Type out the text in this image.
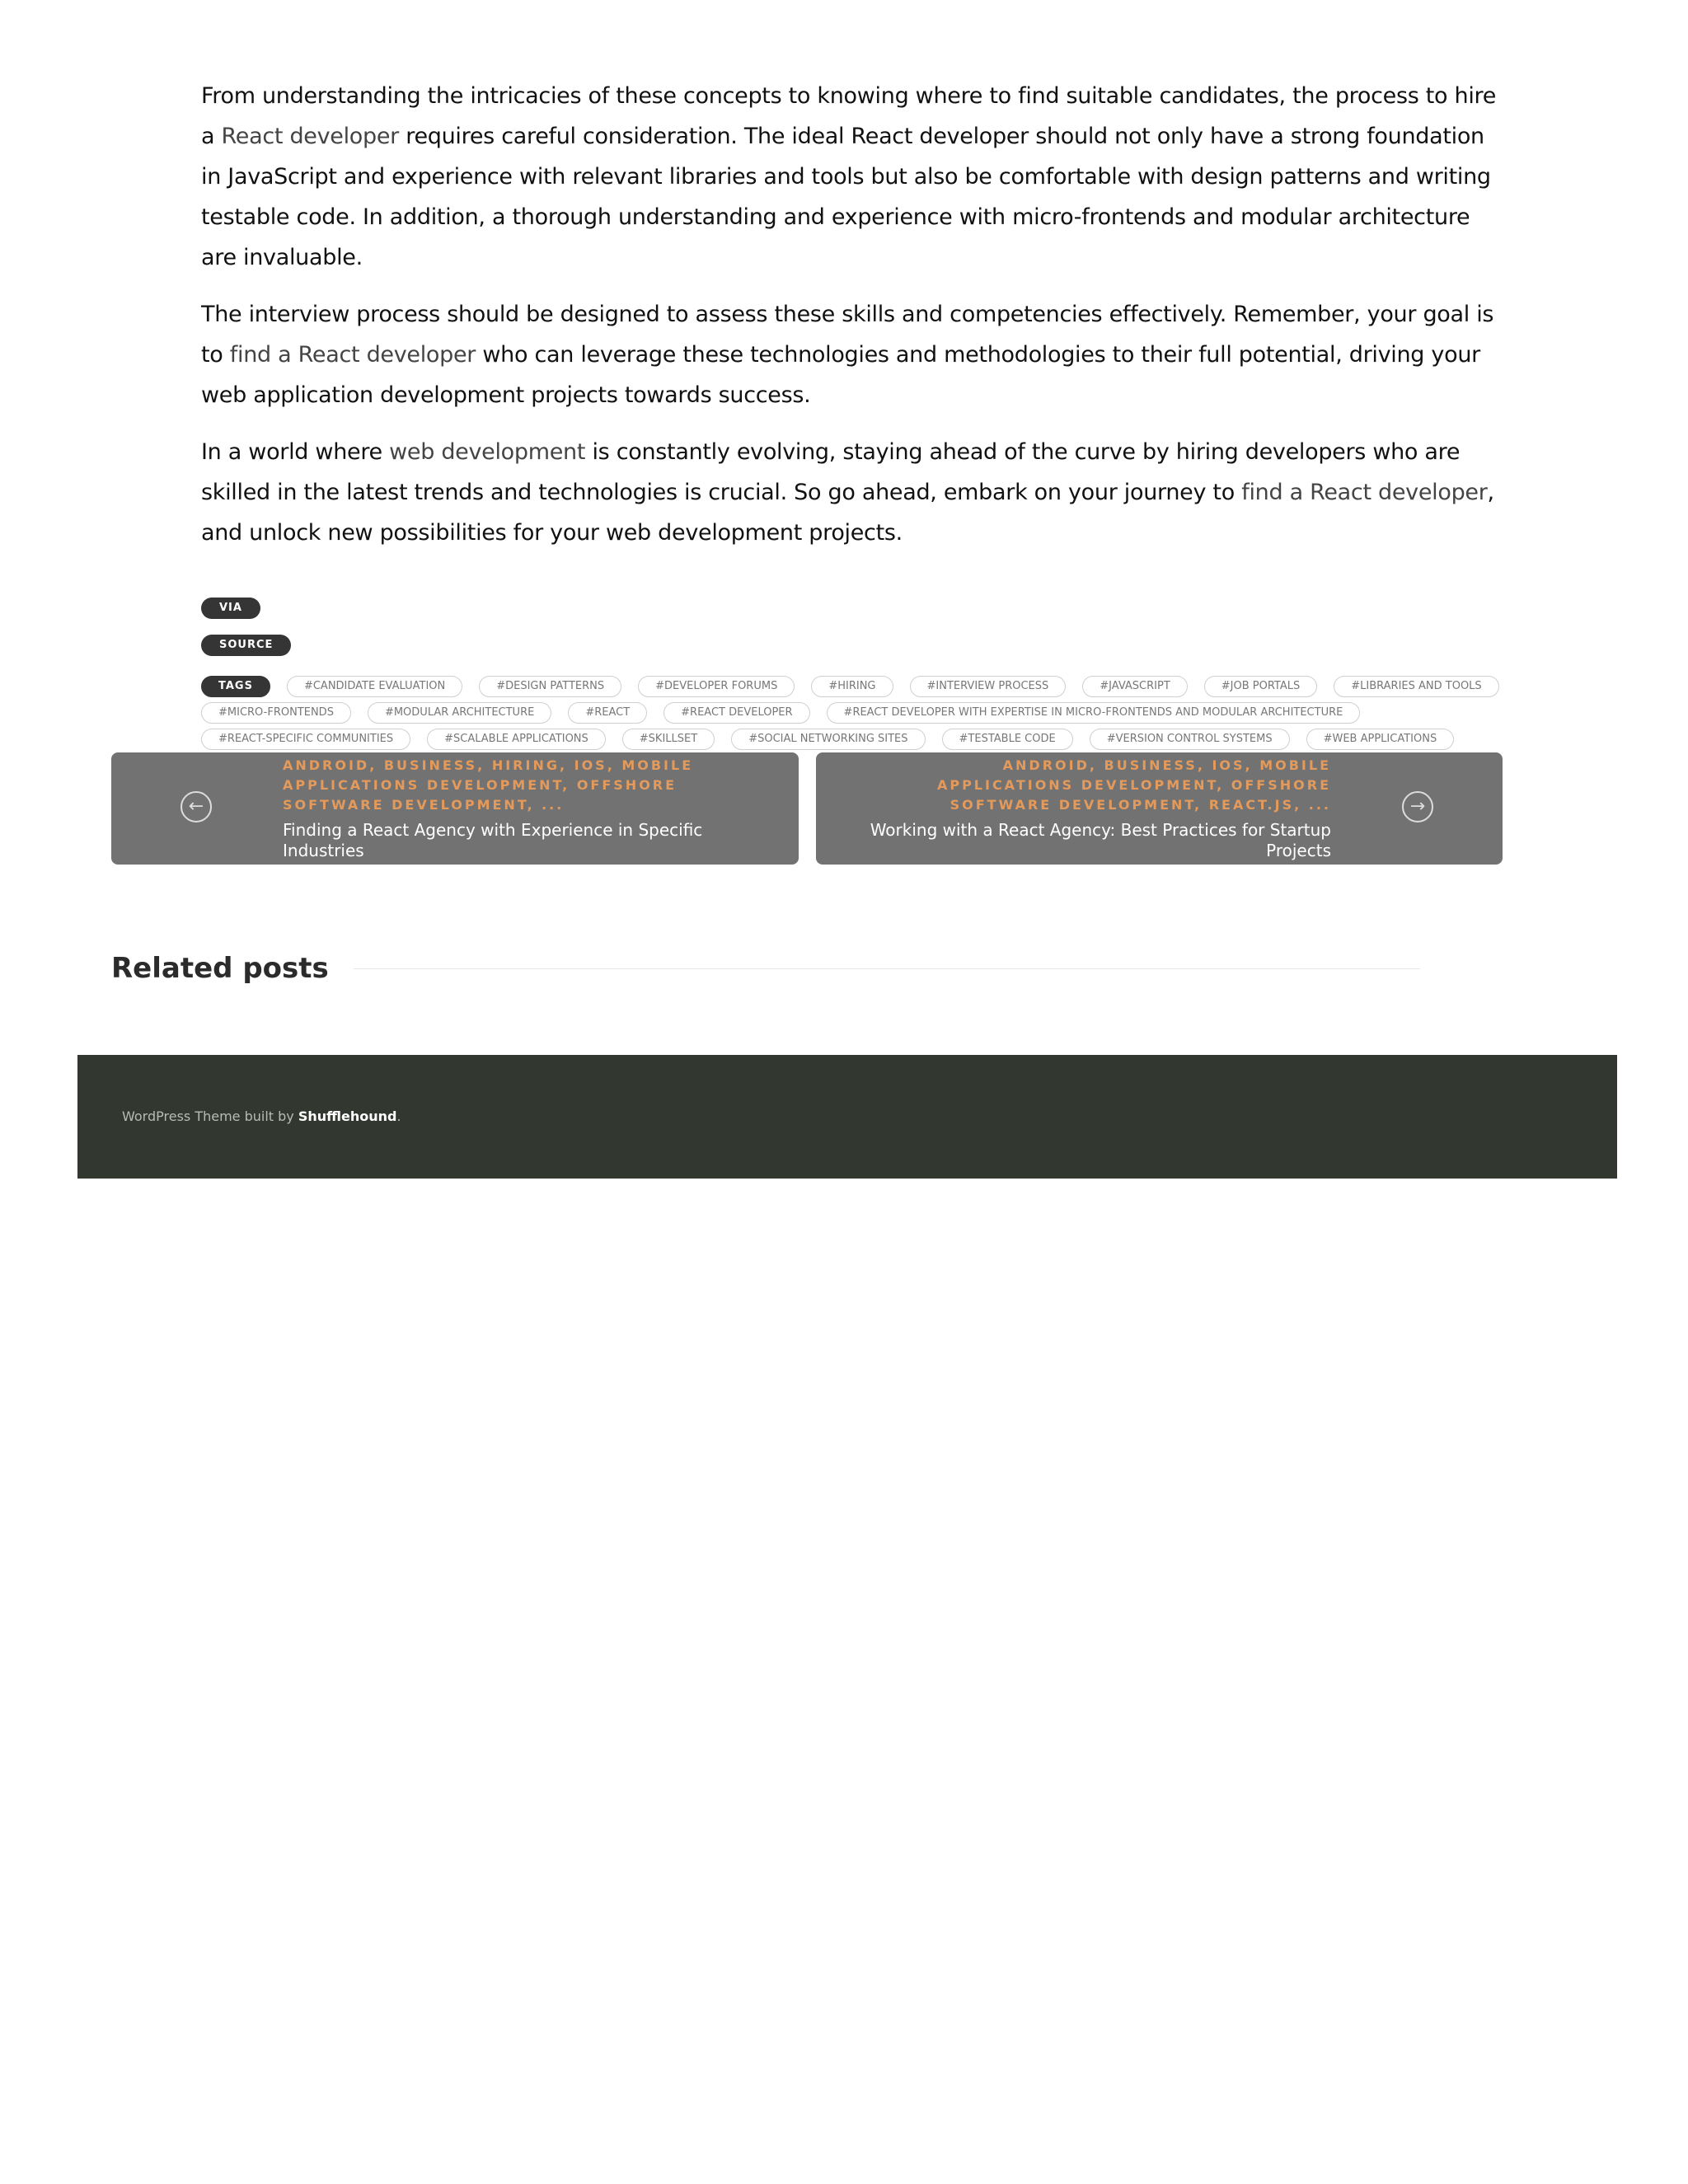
From understanding the intricacies of these concepts to knowing where to find suitable candidates, the process to hire a React developer requires careful consideration. The ideal React developer should not only have a strong foundation in JavaScript and experience with relevant libraries and tools but also be comfortable with design patterns and writing testable code. In addition, a thorough understanding and experience with micro-frontends and modular architecture are invaluable.

The interview process should be designed to assess these skills and competencies effectively. Remember, your goal is to find a React developer who can leverage these technologies and methodologies to their full potential, driving your web application development projects towards success.

In a world where web development is constantly evolving, staying ahead of the curve by hiring developers who are skilled in the latest trends and technologies is crucial. So go ahead, embark on your journey to find a React developer, and unlock new possibilities for your web development projects.

VIA
SOURCE
TAGS	#CANDIDATE EVALUATION	#DESIGN PATTERNS	#DEVELOPER FORUMS	#HIRING	#INTERVIEW PROCESS	#JAVASCRIPT	#JOB PORTALS	#LIBRARIES AND TOOLS
#MICRO-FRONTENDS	#MODULAR ARCHITECTURE	#REACT	#REACT DEVELOPER	#REACT DEVELOPER WITH EXPERTISE IN MICRO-FRONTENDS AND MODULAR ARCHITECTURE
#REACT-SPECIFIC COMMUNITIES	#SCALABLE APPLICATIONS	#SKILLSET	#SOCIAL NETWORKING SITES	#TESTABLE CODE	#VERSION CONTROL SYSTEMS	#WEB APPLICATIONS
←
ANDROID, BUSINESS, HIRING, IOS, MOBILE APPLICATIONS DEVELOPMENT, OFFSHORE SOFTWARE DEVELOPMENT, ...
Finding a React Agency with Experience in Specific Industries
→
ANDROID, BUSINESS, IOS, MOBILE APPLICATIONS DEVELOPMENT, OFFSHORE SOFTWARE DEVELOPMENT, REACT.JS, ...
Working with a React Agency: Best Practices for Startup Projects
Related posts
WordPress Theme built by Shufflehound.
